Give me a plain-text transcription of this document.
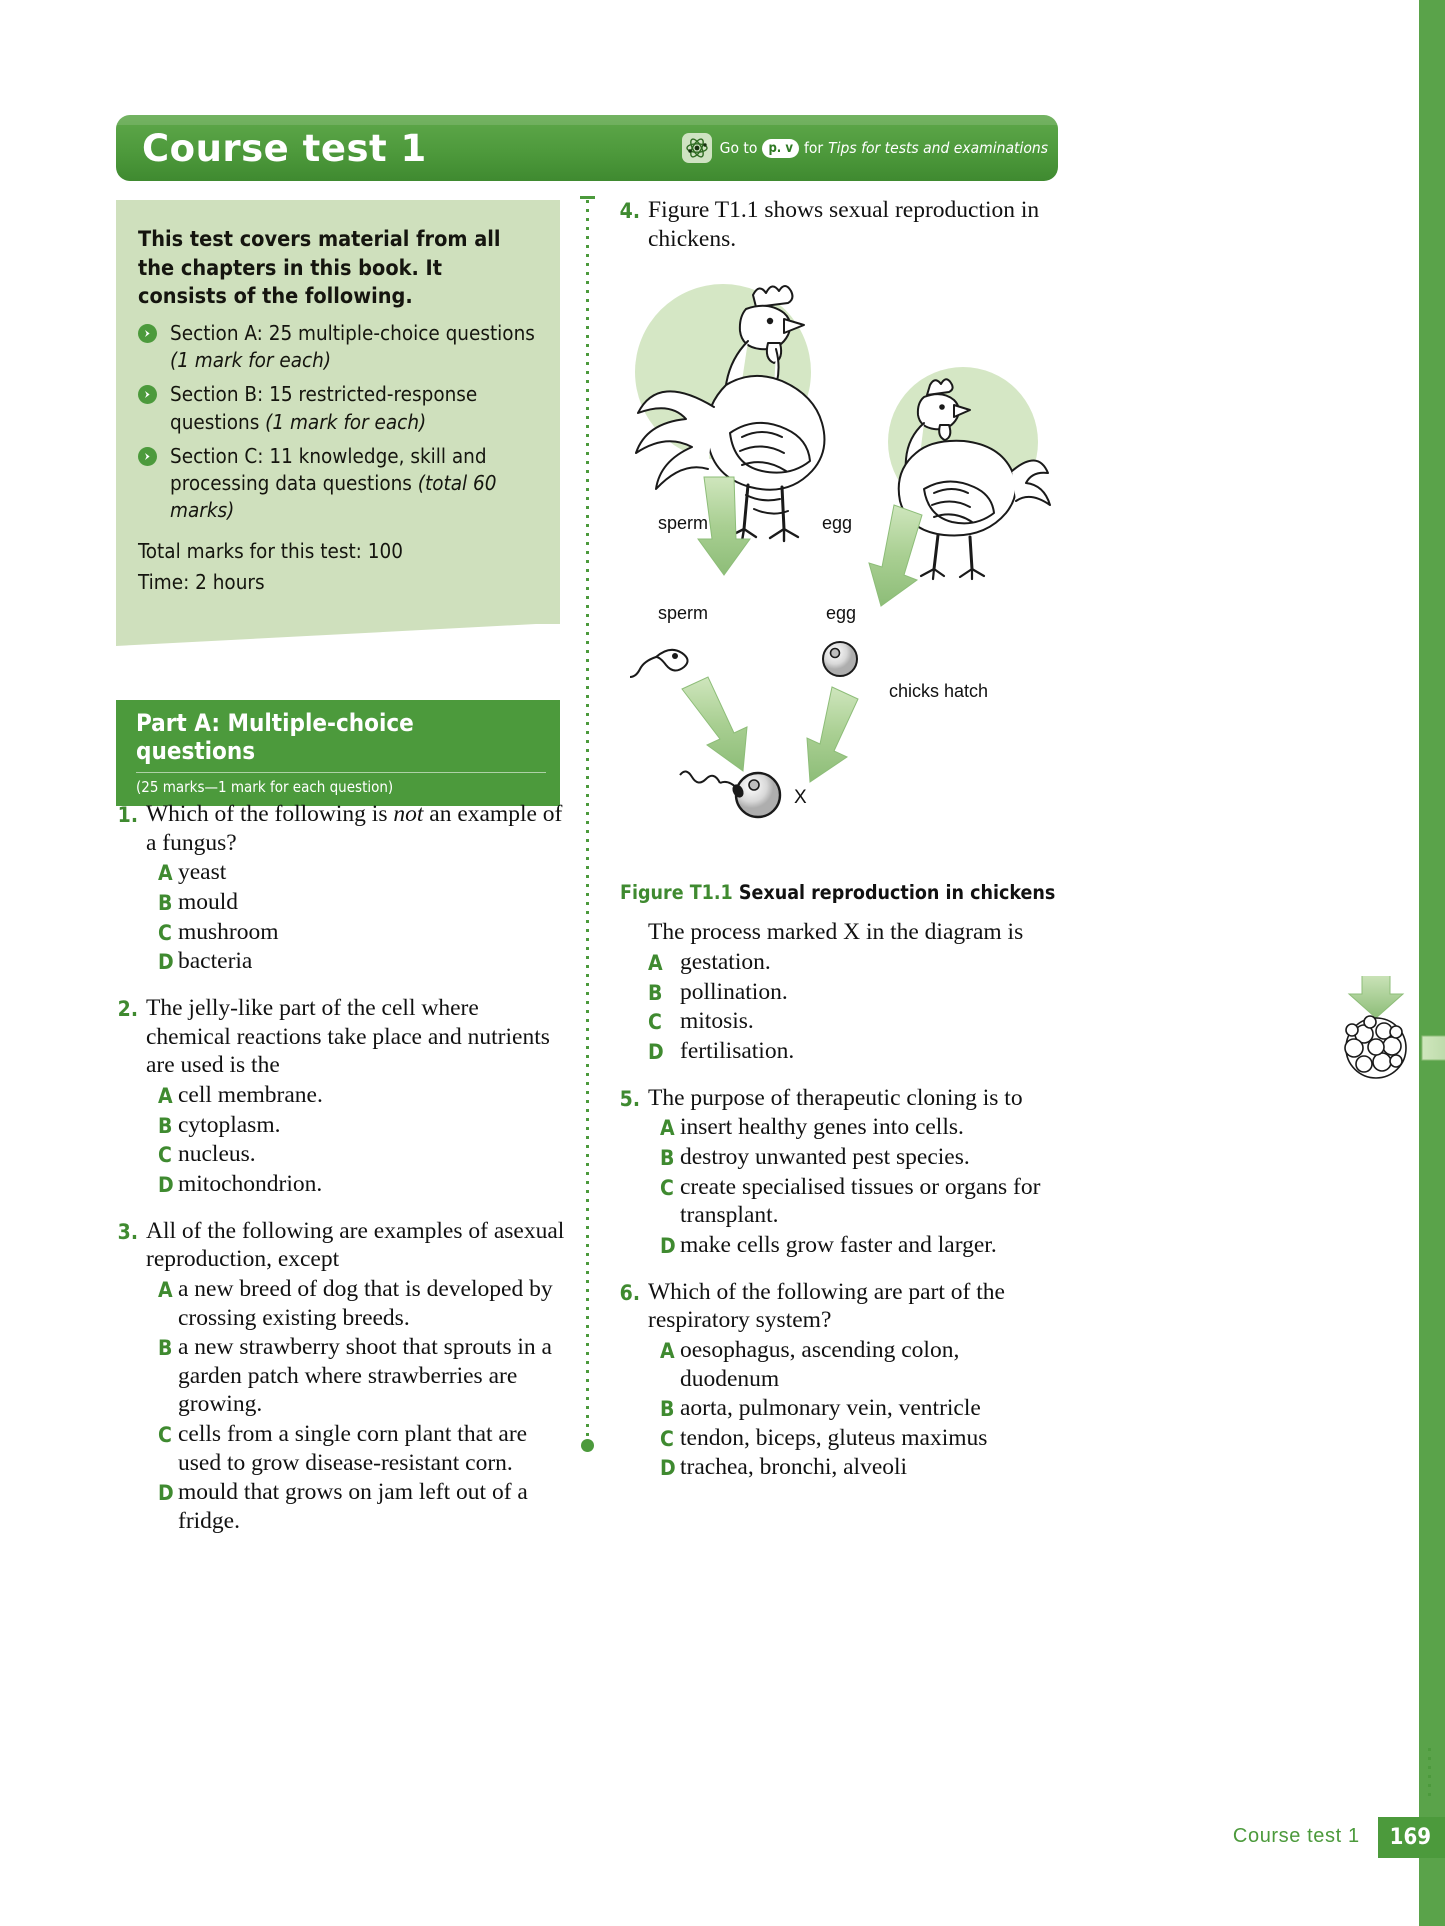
Course test 1	Go to p. v for Tips for tests and examinations
This test covers material from all the chapters in this book. It consists of the following.
Section A: 25 multiple-choice questions (1 mark for each)
Section B: 15 restricted-response questions (1 mark for each)
Section C: 11 knowledge, skill and processing data questions (total 60 marks)
Total marks for this test: 100
Time: 2 hours
Part A: Multiple-choice questions
(25 marks—1 mark for each question)
1. Which of the following is not an example of a fungus?
A yeast
B mould
C mushroom
D bacteria
2. The jelly-like part of the cell where chemical reactions take place and nutrients are used is the
A cell membrane.
B cytoplasm.
C nucleus.
D mitochondrion.
3. All of the following are examples of asexual reproduction, except
A a new breed of dog that is developed by crossing existing breeds.
B a new strawberry shoot that sprouts in a garden patch where strawberries are growing.
C cells from a single corn plant that are used to grow disease-resistant corn.
D mould that grows on jam left out of a fridge.
4. Figure T1.1 shows sexual reproduction in chickens.
sperm	egg
X
chicks hatch
Figure T1.1 Sexual reproduction in chickens
The process marked X in the diagram is
A gestation.
B pollination.
C mitosis.
D fertilisation.
5. The purpose of therapeutic cloning is to
A insert healthy genes into cells.
B destroy unwanted pest species.
C create specialised tissues or organs for transplant.
D make cells grow faster and larger.
6. Which of the following are part of the respiratory system?
A oesophagus, ascending colon, duodenum
B aorta, pulmonary vein, ventricle
C tendon, biceps, gluteus maximus
D trachea, bronchi, alveoli
sperm	egg
Course test 1	169
